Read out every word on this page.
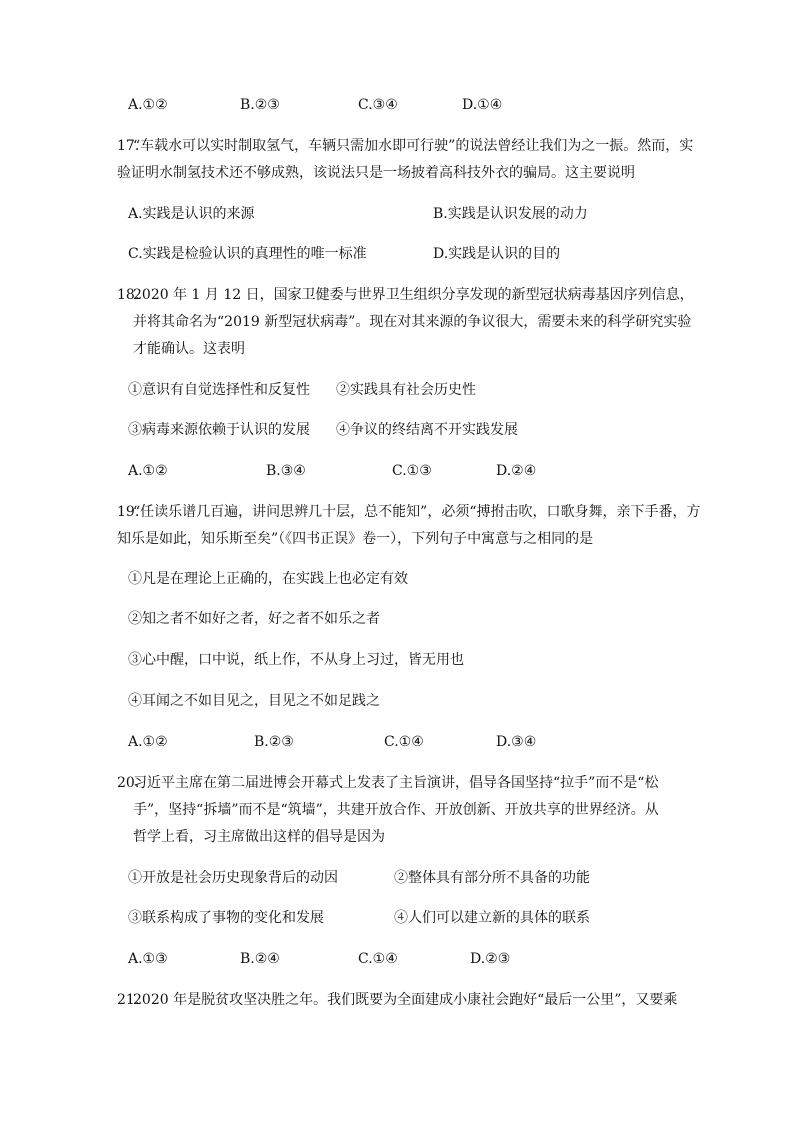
A.①②	B.②③	C.③④	D.①④
17.
“车载水可以实时制取氢气，车辆只需加水即可行驶”的说法曾经让我们为之一振。然而，实
验证明水制氢技术还不够成熟，该说法只是一场披着高科技外衣的骗局。这主要说明
A.实践是认识的来源	B.实践是认识发展的动力
C.实践是检验认识的真理性的唯一标准	D.实践是认识的目的
18.
2020 年 1 月 12 日，国家卫健委与世界卫生组织分享发现的新型冠状病毒基因序列信息，
并将其命名为“2019 新型冠状病毒”。现在对其来源的争议很大，需要未来的科学研究实验
才能确认。这表明
①意识有自觉选择性和反复性 ②实践具有社会历史性
③病毒来源依赖于认识的发展 ④争议的终结离不开实践发展
A.①②	B.③④	C.①③	D.②④
19.
“任读乐谱几百遍，讲问思辨几十层，总不能知”，必须“搏拊击吹，口歌身舞，亲下手番，方
知乐是如此，知乐斯至矣”（《四书正误》卷一），下列句子中寓意与之相同的是
①凡是在理论上正确的，在实践上也必定有效
②知之者不如好之者，好之者不如乐之者
③心中醒，口中说，纸上作，不从身上习过，皆无用也
④耳闻之不如目见之，目见之不如足践之
A.①②	B.②③	C.①④	D.③④
20.
习近平主席在第二届进博会开幕式上发表了主旨演讲，倡导各国坚持“拉手”而不是“松
手”，坚持“拆墙”而不是“筑墙”，共建开放合作、开放创新、开放共享的世界经济。从
哲学上看，习主席做出这样的倡导是因为
①开放是社会历史现象背后的动因	②整体具有部分所不具备的功能
③联系构成了事物的变化和发展	④人们可以建立新的具体的联系
A.①③	B.②④	C.①④	D.②③
21.
2020 年是脱贫攻坚决胜之年。我们既要为全面建成小康社会跑好“最后一公里”，又要乘
